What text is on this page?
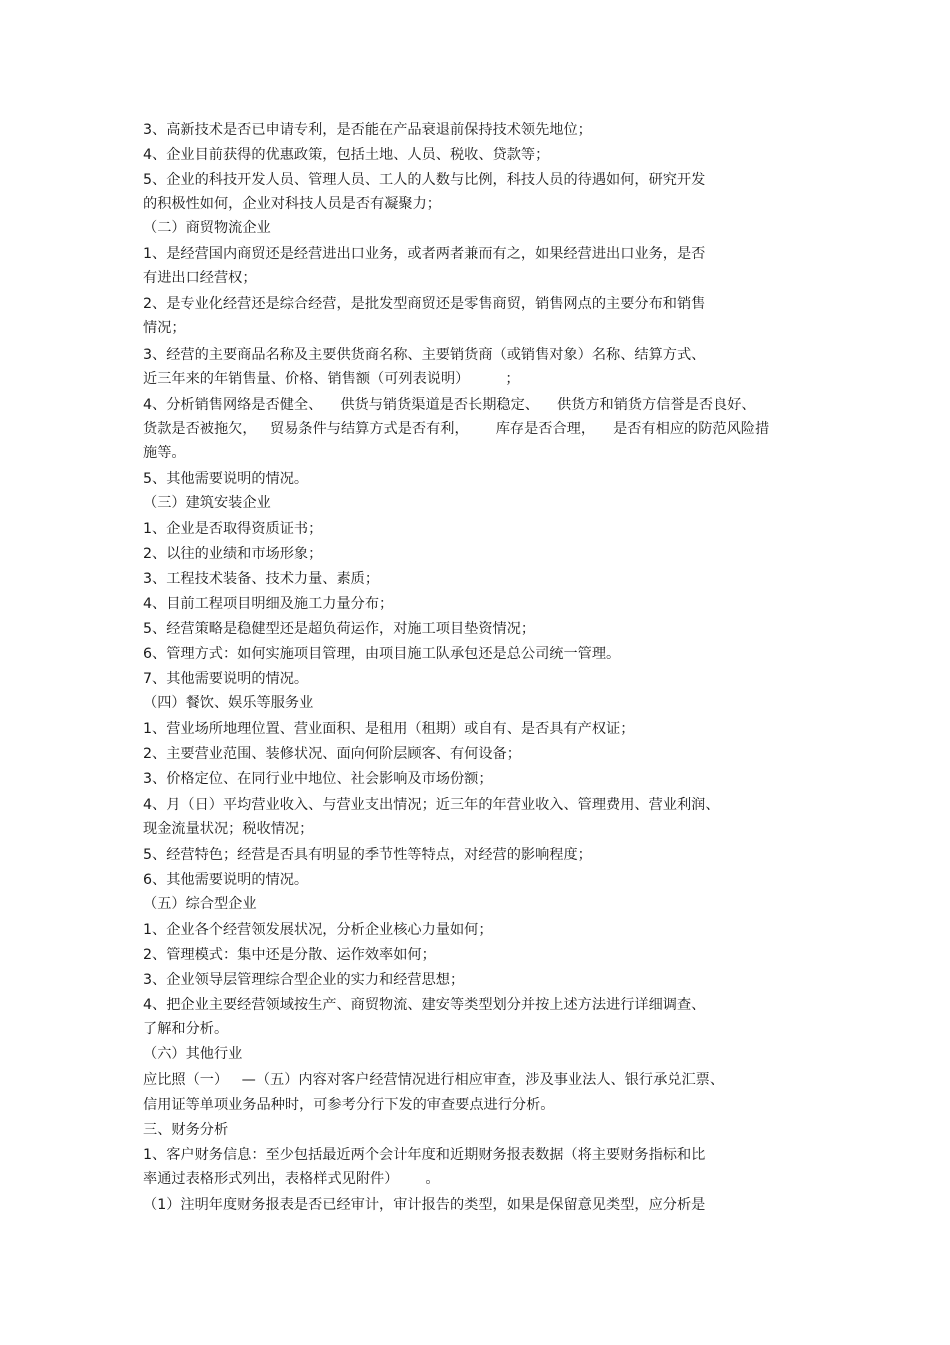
3、高新技术是否已申请专利，是否能在产品衰退前保持技术领先地位；

4、企业目前获得的优惠政策，包括土地、人员、税收、贷款等；

5、企业的科技开发人员、管理人员、工人的人数与比例，科技人员的待遇如何，研究开发

的积极性如何，企业对科技人员是否有凝聚力；

（二）商贸物流企业

1、是经营国内商贸还是经营进出口业务，或者两者兼而有之，如果经营进出口业务，是否

有进出口经营权；

2、是专业化经营还是综合经营，是批发型商贸还是零售商贸，销售网点的主要分布和销售

情况；

3、经营的主要商品名称及主要供货商名称、主要销货商（或销售对象）名称、结算方式、

近三年来的年销售量、价格、销售额（可列表说明）        ；

4、分析销售网络是否健全、    供货与销货渠道是否长期稳定、    供货方和销货方信誉是否良好、

货款是否被拖欠，   贸易条件与结算方式是否有利，      库存是否合理，    是否有相应的防范风险措

施等。

5、其他需要说明的情况。

（三）建筑安装企业

1、企业是否取得资质证书；

2、以往的业绩和市场形象；

3、工程技术装备、技术力量、素质；

4、目前工程项目明细及施工力量分布；

5、经营策略是稳健型还是超负荷运作，对施工项目垫资情况；

6、管理方式：如何实施项目管理，由项目施工队承包还是总公司统一管理。

7、其他需要说明的情况。

（四）餐饮、娱乐等服务业

1、营业场所地理位置、营业面积、是租用（租期）或自有、是否具有产权证；

2、主要营业范围、装修状况、面向何阶层顾客、有何设备；

3、价格定位、在同行业中地位、社会影响及市场份额；

4、月（日）平均营业收入、与营业支出情况；近三年的年营业收入、管理费用、营业利润、

现金流量状况；税收情况；

5、经营特色；经营是否具有明显的季节性等特点，对经营的影响程度；

6、其他需要说明的情况。

（五）综合型企业

1、企业各个经营领发展状况，分析企业核心力量如何；

2、管理模式：集中还是分散、运作效率如何；

3、企业领导层管理综合型企业的实力和经营思想；

4、把企业主要经营领域按生产、商贸物流、建安等类型划分并按上述方法进行详细调查、

了解和分析。

（六）其他行业

应比照（一）   —（五）内容对客户经营情况进行相应审查，涉及事业法人、银行承兑汇票、

信用证等单项业务品种时，可参考分行下发的审查要点进行分析。

三、财务分析

1、客户财务信息：至少包括最近两个会计年度和近期财务报表数据（将主要财务指标和比

率通过表格形式列出，表格样式见附件）      。

（1）注明年度财务报表是否已经审计，审计报告的类型，如果是保留意见类型，应分析是
